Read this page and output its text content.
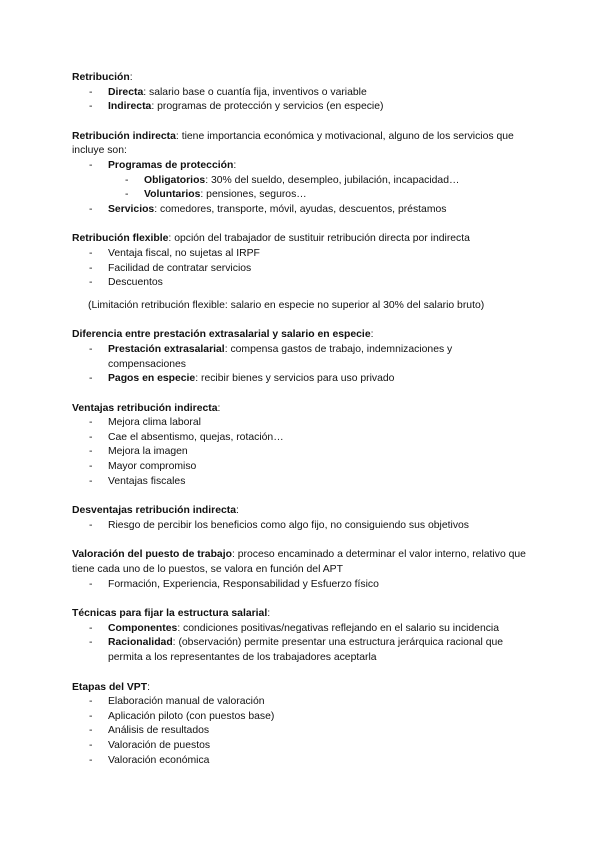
Retribución:

- Directa: salario base o cuantía fija, inventivos o variable
- Indirecta: programas de protección y servicios (en especie)

Retribución indirecta: tiene importancia económica y motivacional, alguno de los servicios que incluye son:

- Programas de protección:
- Obligatorios: 30% del sueldo, desempleo, jubilación, incapacidad…
- Voluntarios: pensiones, seguros…
- Servicios: comedores, transporte, móvil, ayudas, descuentos, préstamos

Retribución flexible: opción del trabajador de sustituir retribución directa por indirecta

- Ventaja fiscal, no sujetas al IRPF
- Facilidad de contratar servicios
- Descuentos

(Limitación retribución flexible: salario en especie no superior al 30% del salario bruto)

Diferencia entre prestación extrasalarial y salario en especie:

- Prestación extrasalarial: compensa gastos de trabajo, indemnizaciones y compensaciones
- Pagos en especie: recibir bienes y servicios para uso privado

Ventajas retribución indirecta:

- Mejora clima laboral
- Cae el absentismo, quejas, rotación…
- Mejora la imagen
- Mayor compromiso
- Ventajas fiscales

Desventajas retribución indirecta:

- Riesgo de percibir los beneficios como algo fijo, no consiguiendo sus objetivos

Valoración del puesto de trabajo: proceso encaminado a determinar el valor interno, relativo que tiene cada uno de lo puestos, se valora en función del APT

- Formación, Experiencia, Responsabilidad y Esfuerzo físico

Técnicas para fijar la estructura salarial:

- Componentes: condiciones positivas/negativas reflejando en el salario su incidencia
- Racionalidad: (observación) permite presentar una estructura jerárquica racional que permita a los representantes de los trabajadores aceptarla

Etapas del VPT:

- Elaboración manual de valoración
- Aplicación piloto (con puestos base)
- Análisis de resultados
- Valoración de puestos
- Valoración económica
